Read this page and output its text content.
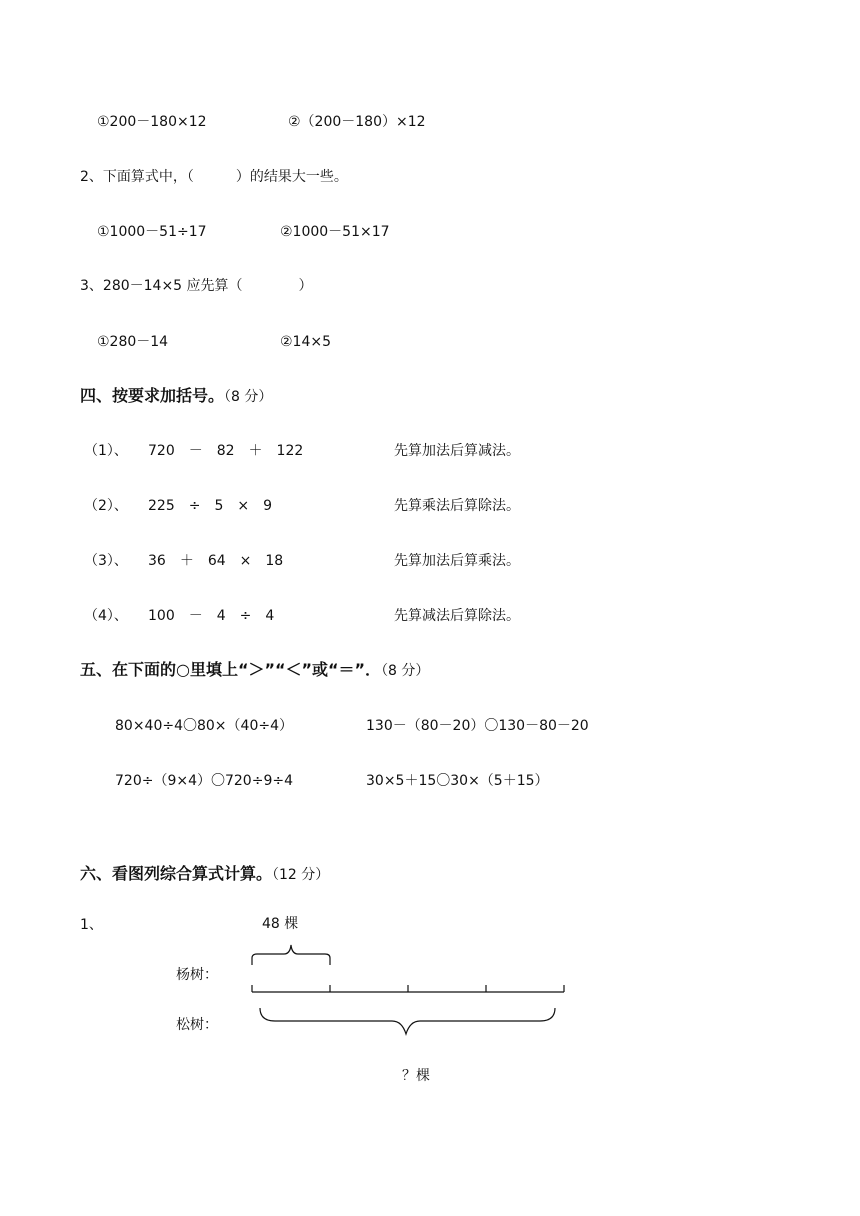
①200－180×12	②（200－180）×12
2、下面算式中，（　　　）的结果大一些。
①1000－51÷17	②1000－51×17
3、280－14×5 应先算（　　　　）
①280－14	②14×5
四、按要求加括号。（8 分）
（1）、 720　－　82　＋　122	先算加法后算减法。
（2）、 225　÷　5　×　9	先算乘法后算除法。
（3）、 36　＋　64　×　18	先算加法后算乘法。
（4）、 100　－　4　÷　4	先算减法后算除法。
五、在下面的○里填上“＞”“＜”或“＝”．（8 分）
80×40÷4〇80×（40÷4）	130－（80－20）〇130－80－20
720÷（9×4）〇720÷9÷4	30×5＋15〇30×（5＋15）
六、看图列综合算式计算。（12 分）
1、	48 棵
杨树：
松树：
？棵
